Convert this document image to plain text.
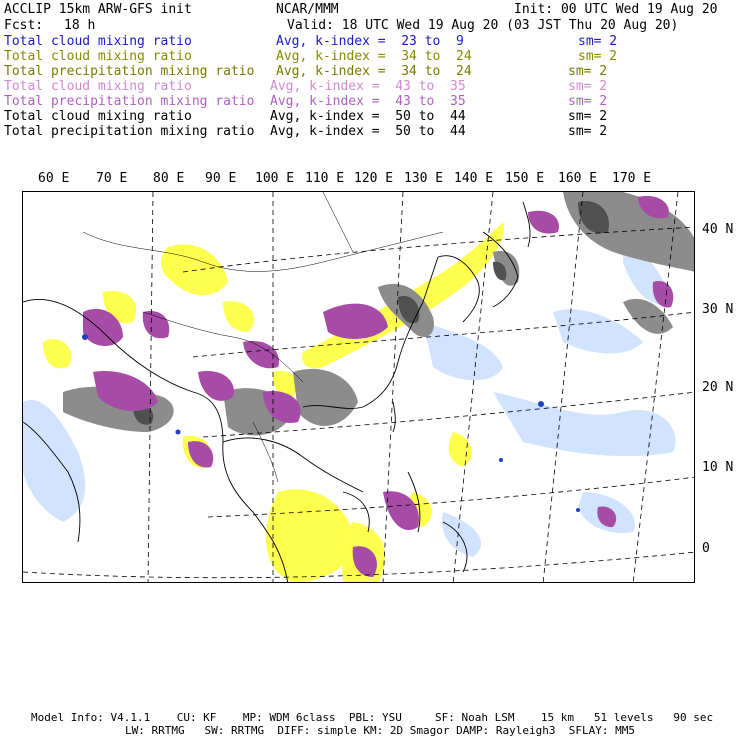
ACCLIP 15km ARW-GFS init	NCAR/MMM	Init: 00 UTC Wed 19 Aug 20
Fcst: 18 h	Valid: 18 UTC Wed 19 Aug 20 (03 JST Thu 20 Aug 20)
Total cloud mixing ratio	Avg, k-index =  23 to  9	sm= 2
Total cloud mixing ratio	Avg, k-index =  34 to  24	sm= 2
Total precipitation mixing ratio Avg, k-index =  34 to  24	sm= 2
Total cloud mixing ratio	Avg, k-index =  43 to  35	sm= 2
Total precipitation mixing ratio Avg, k-index =  43 to  35	sm= 2
Total cloud mixing ratio	Avg, k-index =  50 to  44	sm= 2
Total precipitation mixing ratio Avg, k-index =  50 to  44	sm= 2
60 E 70 E 80 E 90 E 100 E 110 E 120 E 130 E 140 E 150 E 160 E 170 E
40 N
30 N
20 N
10 N
0
Model Info: V4.1.1    CU: KF    MP: WDM 6class  PBL: YSU     SF: Noah LSM    15 km   51 levels   90 sec
LW: RRTMG   SW: RRTMG  DIFF: simple KM: 2D Smagor DAMP: Rayleigh3  SFLAY: MM5
